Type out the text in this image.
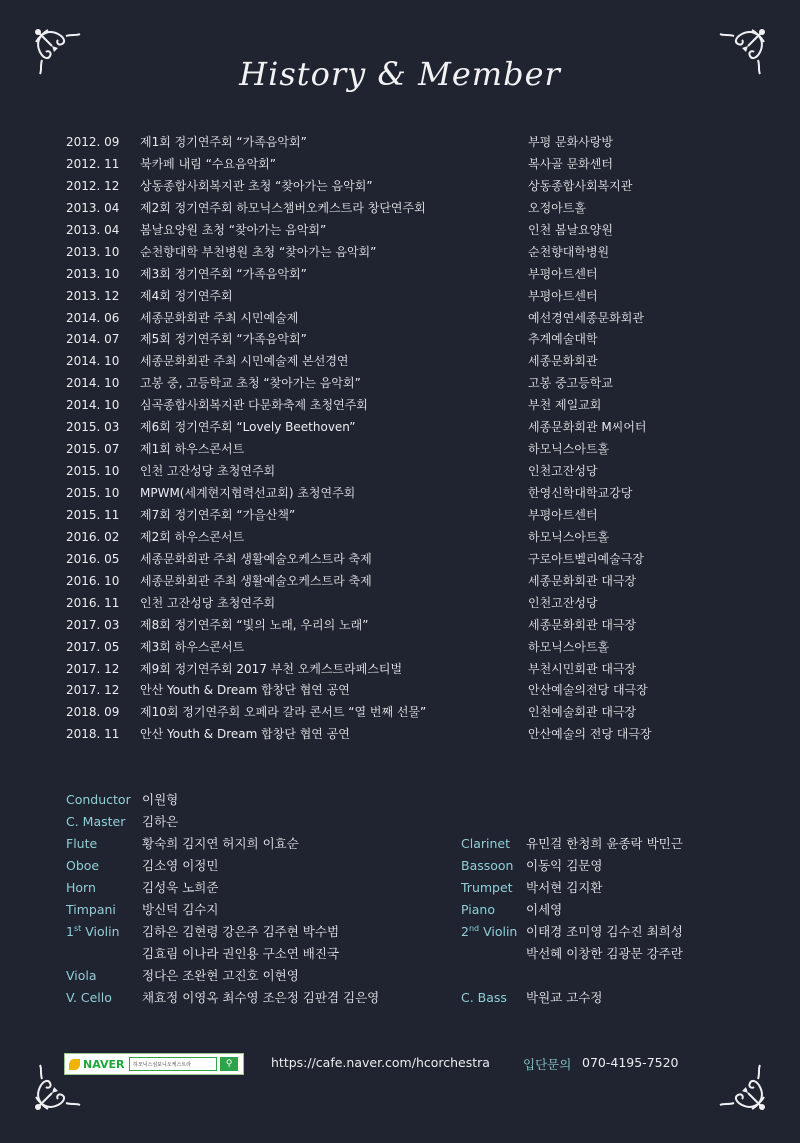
History & Member
2012. 09 제1회 정기연주회 “가족음악회”	부평 문화사랑방
2012. 11 북카페 내림 “수요음악회”	복사골 문화센터
2012. 12 상동종합사회복지관 초청 “찾아가는 음악회”	상동종합사회복지관
2013. 04 제2회 정기연주회 하모닉스챔버오케스트라 창단연주회	오정아트홀
2013. 04 봄날요양원 초청 “찾아가는 음악회”	인천 봄날요양원
2013. 10 순천향대학 부천병원 초청 “찾아가는 음악회”	순천향대학병원
2013. 10 제3회 정기연주회 “가족음악회”	부평아트센터
2013. 12 제4회 정기연주회	부평아트센터
2014. 06 세종문화회관 주최 시민예술제	예선경연세종문화회관
2014. 07 제5회 정기연주회 “가족음악회”	추계예술대학
2014. 10 세종문화회관 주최 시민예술제 본선경연	세종문화회관
2014. 10 고봉 중, 고등학교 초청 “찾아가는 음악회”	고봉 중고등학교
2014. 10 심곡종합사회복지관 다문화축제 초청연주회	부천 제일교회
2015. 03 제6회 정기연주회 “Lovely Beethoven”	세종문화회관 M씨어터
2015. 07 제1회 하우스콘서트	하모닉스아트홀
2015. 10 인천 고잔성당 초청연주회	인천고잔성당
2015. 10 MPWM(세계현지협력선교회) 초청연주회	한영신학대학교강당
2015. 11 제7회 정기연주회 “가을산책”	부평아트센터
2016. 02 제2회 하우스콘서트	하모닉스아트홀
2016. 05 세종문화회관 주최 생활예술오케스트라 축제	구로아트벨리예술극장
2016. 10 세종문화회관 주최 생활예술오케스트라 축제	세종문화회관 대극장
2016. 11 인천 고잔성당 초청연주회	인천고잔성당
2017. 03 제8회 정기연주회 “빛의 노래, 우리의 노래”	세종문화회관 대극장
2017. 05 제3회 하우스콘서트	하모닉스아트홀
2017. 12 제9회 정기연주회 2017 부천 오케스트라페스티벌	부천시민회관 대극장
2017. 12 안산 Youth & Dream 합창단 협연 공연	안산예술의전당 대극장
2018. 09 제10회 정기연주회 오페라 갈라 콘서트 “열 번째 선물”	인천예술회관 대극장
2018. 11 안산 Youth & Dream 합창단 협연 공연	안산예술의 전당 대극장
Conductor 이원형
C. Master 김하은
Flute	황숙희 김지연 허지희 이효순	Clarinet 유민걸 한청희 윤종락 박민근
Oboe	김소영 이정민	Bassoon 이동익 김문영
Horn	김성욱 노희준	Trumpet 박서현 김지환
Timpani 방신덕 김수지	Piano 이세영
1st Violin 김하은 김현령 강은주 김주현 박수범	2nd Violin 이태경 조미영 김수진 최희성
김효림 이나라 권인용 구소연 배진국	박선혜 이창한 김광문 강주란
Viola	정다은 조완현 고진호 이현영
V. Cello 채효정 이영옥 최수영 조은정 김판겸 김은영	C. Bass 박원교 고수정
NAVER	하모닉스심포니오케스트라	⚲	https://cafe.naver.com/hcorchestra	입단문의 070-4195-7520
